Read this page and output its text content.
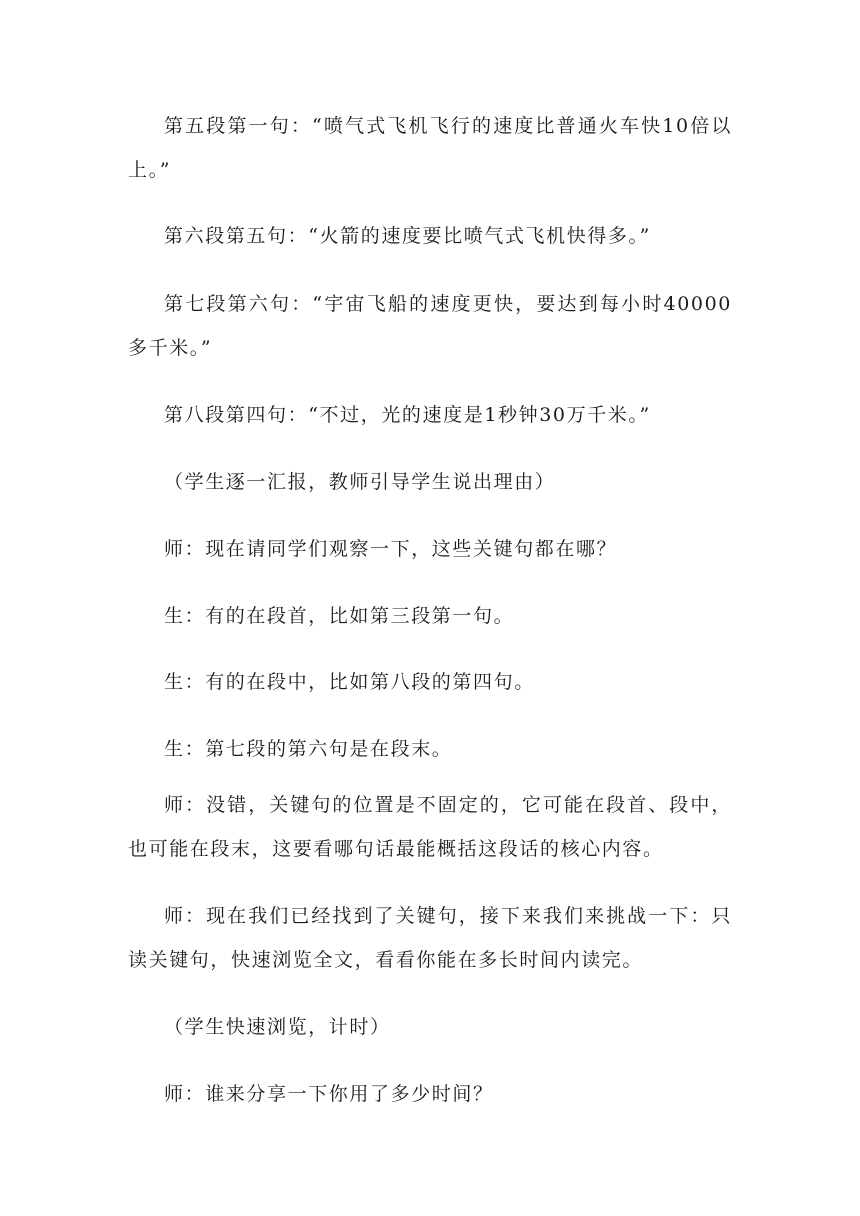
第五段第一句：“喷气式飞机飞行的速度比普通火车快10倍以上。”

第六段第五句：“火箭的速度要比喷气式飞机快得多。”

第七段第六句：“宇宙飞船的速度更快，要达到每小时40000多千米。”

第八段第四句：“不过，光的速度是1秒钟30万千米。”

（学生逐一汇报，教师引导学生说出理由）

师：现在请同学们观察一下，这些关键句都在哪？

生：有的在段首，比如第三段第一句。

生：有的在段中，比如第八段的第四句。

生：第七段的第六句是在段末。

师：没错，关键句的位置是不固定的，它可能在段首、段中，也可能在段末，这要看哪句话最能概括这段话的核心内容。

师：现在我们已经找到了关键句，接下来我们来挑战一下：只读关键句，快速浏览全文，看看你能在多长时间内读完。

（学生快速浏览，计时）

师：谁来分享一下你用了多少时间？
